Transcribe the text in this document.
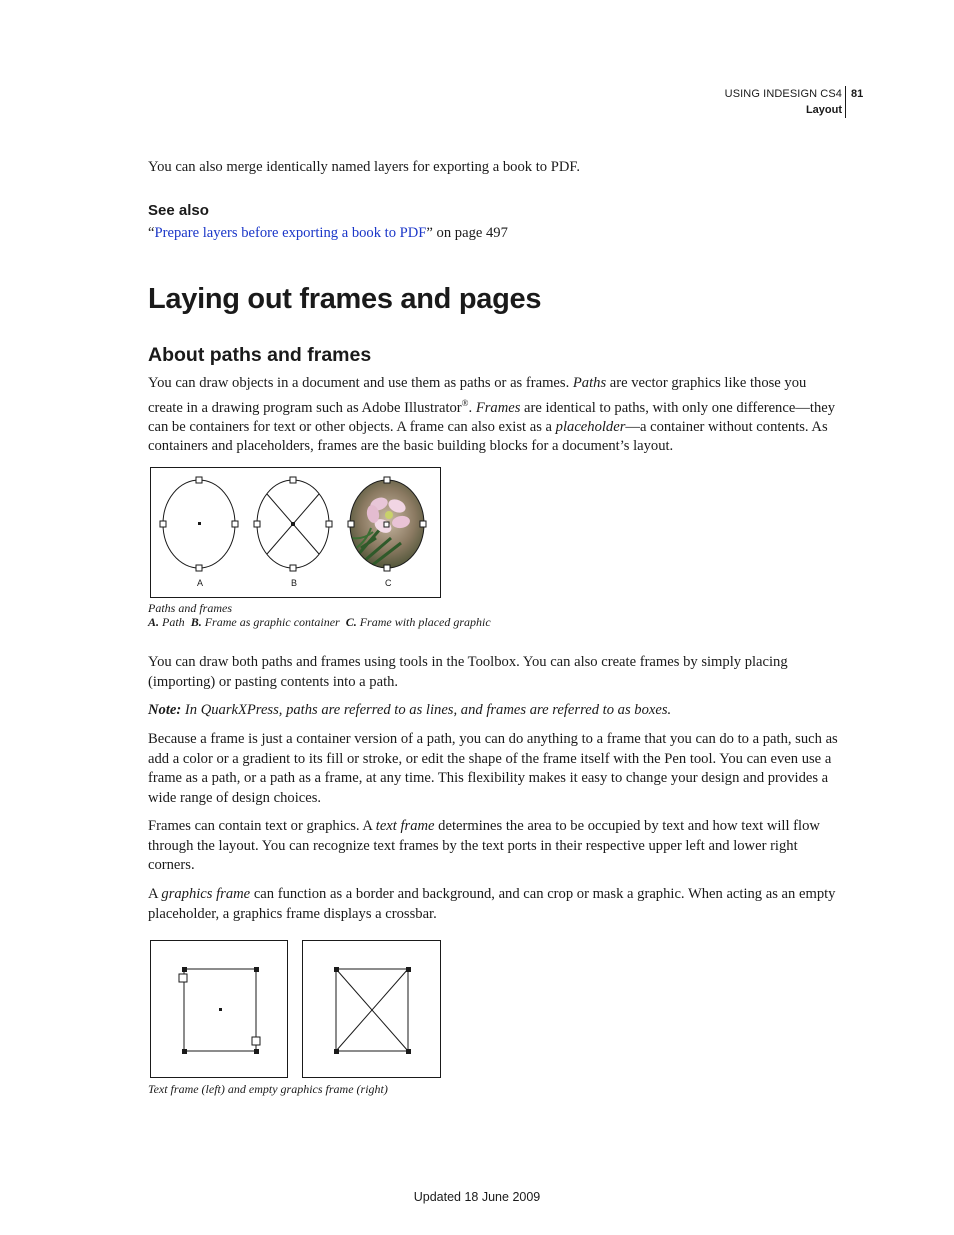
USING INDESIGN CS4
Layout
81

You can also merge identically named layers for exporting a book to PDF.

See also
“Prepare layers before exporting a book to PDF” on page 497
Laying out frames and pages
About paths and frames

You can draw objects in a document and use them as paths or as frames. Paths are vector graphics like those you create in a drawing program such as Adobe Illustrator®. Frames are identical to paths, with only one difference—they can be containers for text or other objects. A frame can also exist as a placeholder—a container without contents. As containers and placeholders, frames are the basic building blocks for a document’s layout.

A	B	C
Paths and frames
A. Path B. Frame as graphic container C. Frame with placed graphic

You can draw both paths and frames using tools in the Toolbox. You can also create frames by simply placing (importing) or pasting contents into a path.

Note: In QuarkXPress, paths are referred to as lines, and frames are referred to as boxes.

Because a frame is just a container version of a path, you can do anything to a frame that you can do to a path, such as add a color or a gradient to its fill or stroke, or edit the shape of the frame itself with the Pen tool. You can even use a frame as a path, or a path as a frame, at any time. This flexibility makes it easy to change your design and provides a wide range of design choices.

Frames can contain text or graphics. A text frame determines the area to be occupied by text and how text will flow through the layout. You can recognize text frames by the text ports in their respective upper left and lower right corners.

A graphics frame can function as a border and background, and can crop or mask a graphic. When acting as an empty placeholder, a graphics frame displays a crossbar.

Text frame (left) and empty graphics frame (right)
Updated 18 June 2009
